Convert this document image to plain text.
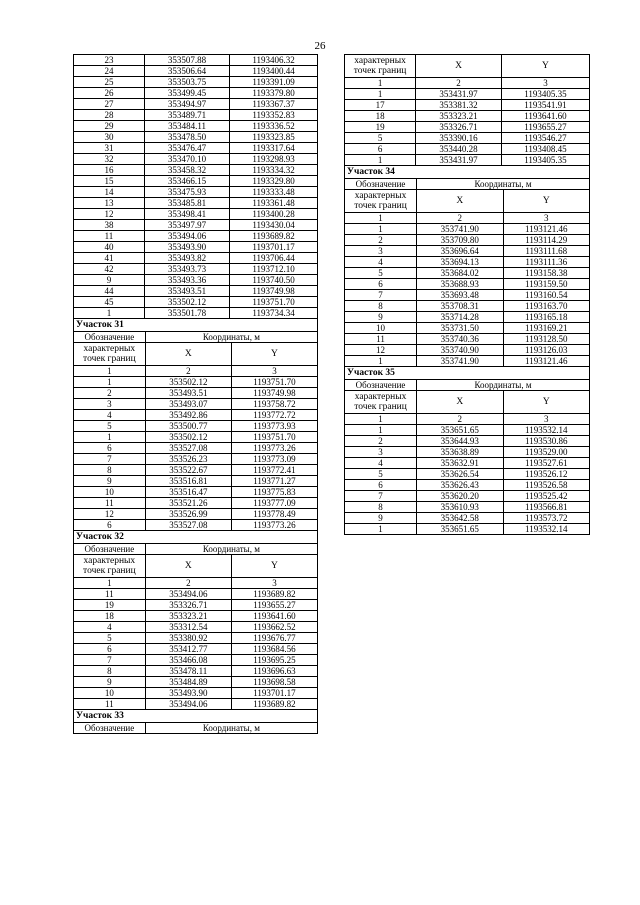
26
23	353507.88	1193406.32
24	353506.64	1193400.44
25	353503.75	1193391.09
26	353499.45	1193379.80
27	353494.97	1193367.37
28	353489.71	1193352.83
29	353484.11	1193336.52
30	353478.50	1193323.85
31	353476.47	1193317.64
32	353470.10	1193298.93
16	353458.32	1193334.32
15	353466.15	1193329.80
14	353475.93	1193333.48
13	353485.81	1193361.48
12	353498.41	1193400.28
38	353497.97	1193430.04
11	353494.06	1193689.82
40	353493.90	1193701.17
41	353493.82	1193706.44
42	353493.73	1193712.10
9	353493.36	1193740.50
44	353493.51	1193749.98
45	353502.12	1193751.70
1	353501.78	1193734.34
Участок 31
Обозначение	Координаты, м	
характерных точек границ	X	Y
1	2	3
1	353502.12	1193751.70
2	353493.51	1193749.98
3	353493.07	1193758.72
4	353492.86	1193772.72
5	353500.77	1193773.93
1	353502.12	1193751.70
6	353527.08	1193773.26
7	353526.23	1193773.09
8	353522.67	1193772.41
9	353516.81	1193771.27
10	353516.47	1193775.83
11	353521.26	1193777.09
12	353526.99	1193778.49
6	353527.08	1193773.26
Участок 32
Обозначение	Координаты, м	
характерных точек границ	X	Y
1	2	3
11	353494.06	1193689.82
19	353326.71	1193655.27
18	353323.21	1193641.60
4	353312.54	1193662.52
5	353380.92	1193676.77
6	353412.77	1193684.56
7	353466.08	1193695.25
8	353478.11	1193696.63
9	353484.89	1193698.58
10	353493.90	1193701.17
11	353494.06	1193689.82
Участок 33
Обозначение	Координаты, м
характерных точек границ	X	Y
1	2	3
1	353431.97	1193405.35
17	353381.32	1193541.91
18	353323.21	1193641.60
19	353326.71	1193655.27
5	353390.16	1193546.27
6	353440.28	1193408.45
1	353431.97	1193405.35
Участок 34
Обозначение	Координаты, м	
характерных точек границ	X	Y
1	2	3
1	353741.90	1193121.46
2	353709.80	1193114.29
3	353696.64	1193111.68
4	353694.13	1193111.36
5	353684.02	1193158.38
6	353688.93	1193159.50
7	353693.48	1193160.54
8	353708.31	1193163.70
9	353714.28	1193165.18
10	353731.50	1193169.21
11	353740.36	1193128.50
12	353740.90	1193126.03
1	353741.90	1193121.46
Участок 35
Обозначение	Координаты, м	
характерных точек границ	X	Y
1	2	3
1	353651.65	1193532.14
2	353644.93	1193530.86
3	353638.89	1193529.00
4	353632.91	1193527.61
5	353626.54	1193526.12
6	353626.43	1193526.58
7	353620.20	1193525.42
8	353610.93	1193566.81
9	353642.58	1193573.72
1	353651.65	1193532.14
